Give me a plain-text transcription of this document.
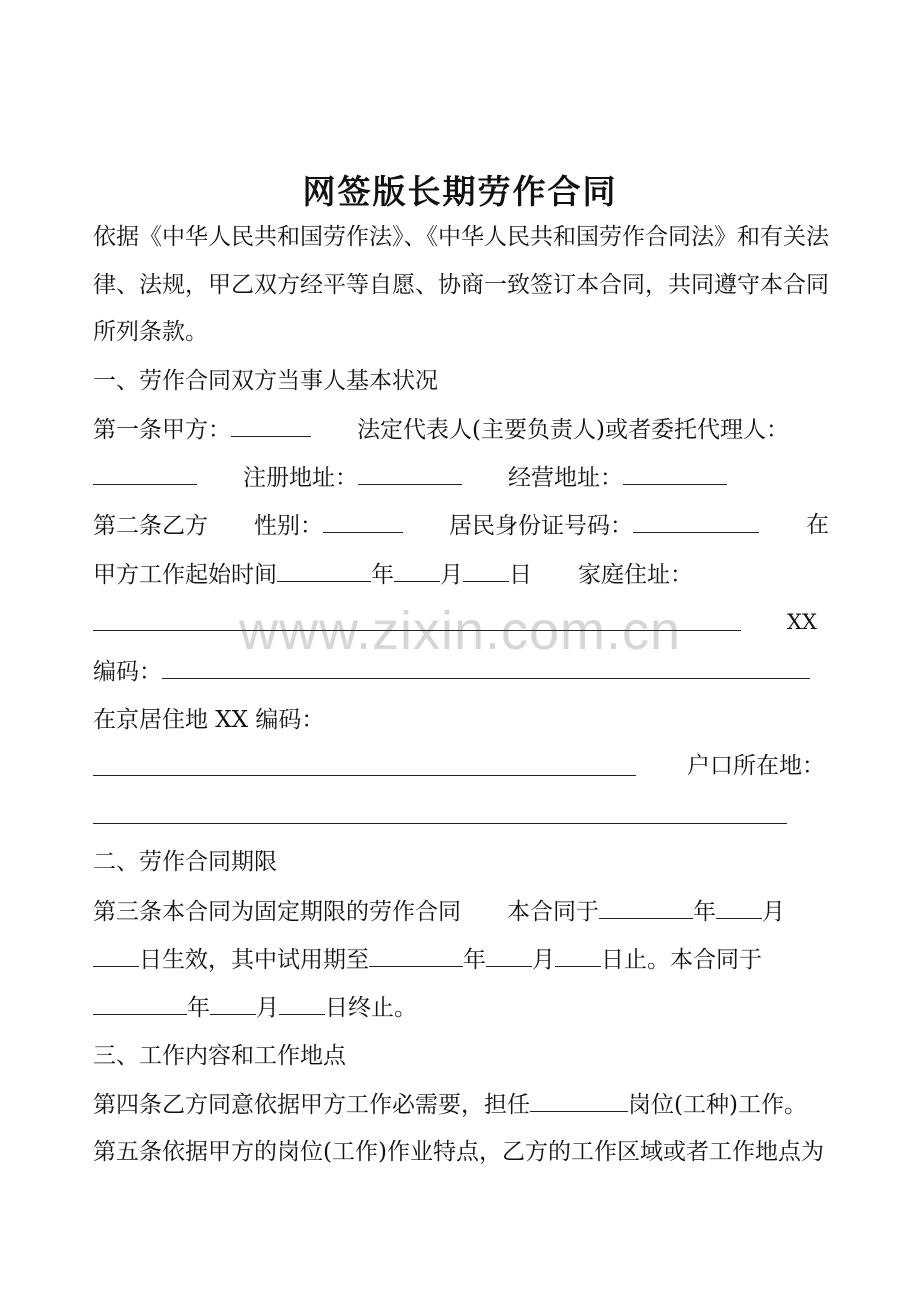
www.zixin.com.cn
网签版长期劳作合同
依据《中华人民共和国劳作法》、《中华人民共和国劳作合同法》和有关法
律、法规，甲乙双方经平等自愿、协商一致签订本合同，共同遵守本合同
所列条款。
一、劳作合同双方当事人基本状况
第一条甲方：	法定代表人(主要负责人)或者委托代理人：
注册地址：	经营地址：
第二条乙方 性别：	居民身份证号码：	在
甲方工作起始时间	年 月 日 家庭住址：
XX
编码：
在京居住地 XX 编码：
户口所在地：
二、劳作合同期限
第三条本合同为固定期限的劳作合同 本合同于	年 月
日生效，其中试用期至	年 月 日止。本合同于
年 月 日终止。
三、工作内容和工作地点
第四条乙方同意依据甲方工作必需要，担任	岗位(工种)工作。
第五条依据甲方的岗位(工作)作业特点，乙方的工作区域或者工作地点为
